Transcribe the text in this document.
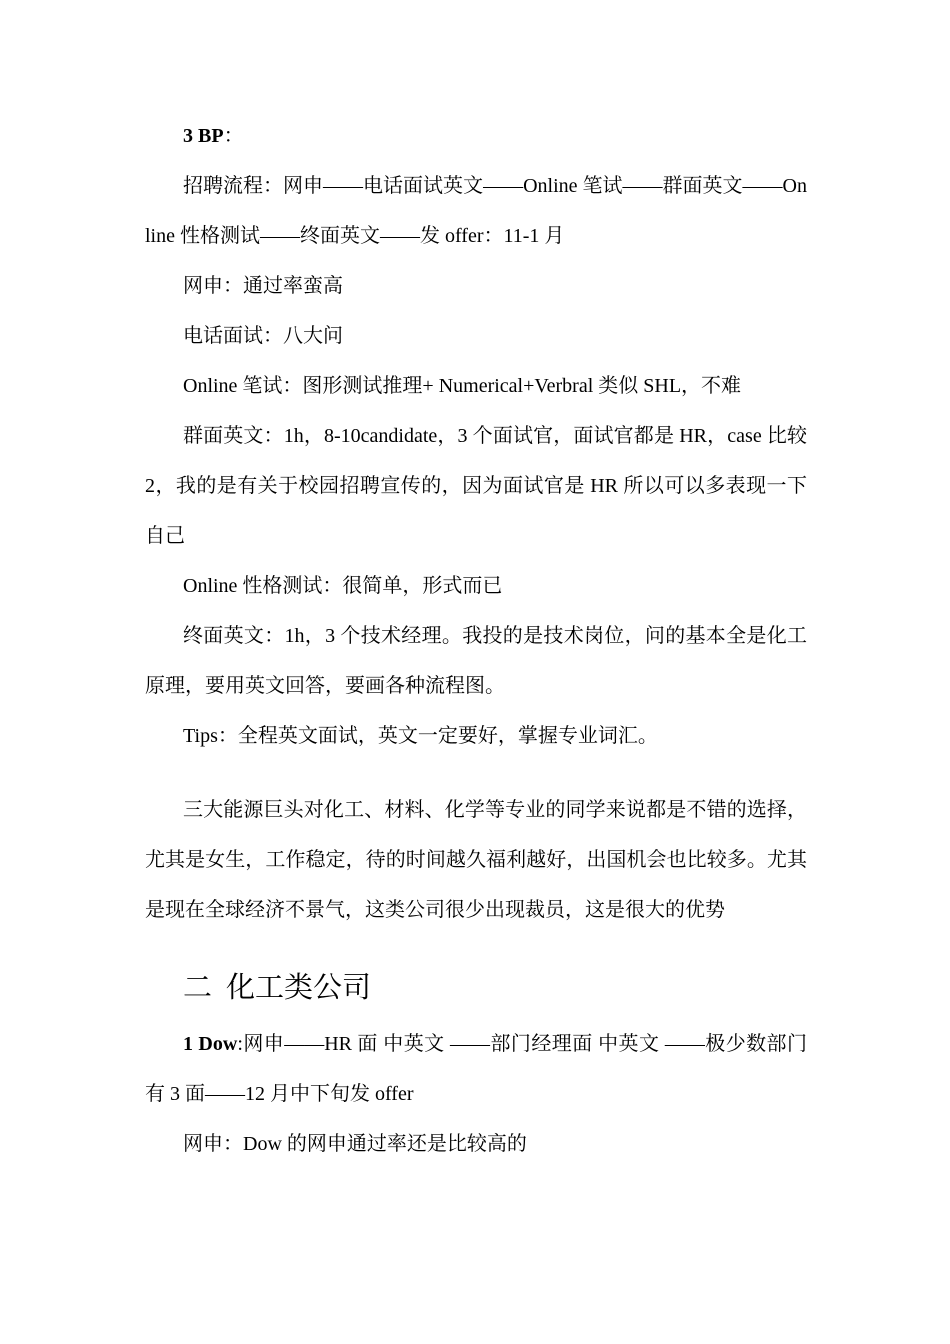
3 BP：

招聘流程：网申——电话面试英文——Online 笔试——群面英文——Online 性格测试——终面英文——发 offer：11-1 月

网申：通过率蛮高

电话面试：八大问

Online 笔试：图形测试推理+ Numerical+Verbral 类似 SHL，不难

群面英文：1h，8-10candidate，3 个面试官，面试官都是 HR，case 比较 2，我的是有关于校园招聘宣传的，因为面试官是 HR 所以可以多表现一下自己

Online 性格测试：很简单，形式而已

终面英文：1h，3 个技术经理。我投的是技术岗位，问的基本全是化工原理，要用英文回答，要画各种流程图。

Tips：全程英文面试，英文一定要好，掌握专业词汇。

三大能源巨头对化工、材料、化学等专业的同学来说都是不错的选择，尤其是女生，工作稳定，待的时间越久福利越好，出国机会也比较多。尤其是现在全球经济不景气，这类公司很少出现裁员，这是很大的优势

二 化工类公司

1 Dow:网申——HR 面 中英文 ——部门经理面 中英文 ——极少数部门有 3 面——12 月中下旬发 offer

网申：Dow 的网申通过率还是比较高的
